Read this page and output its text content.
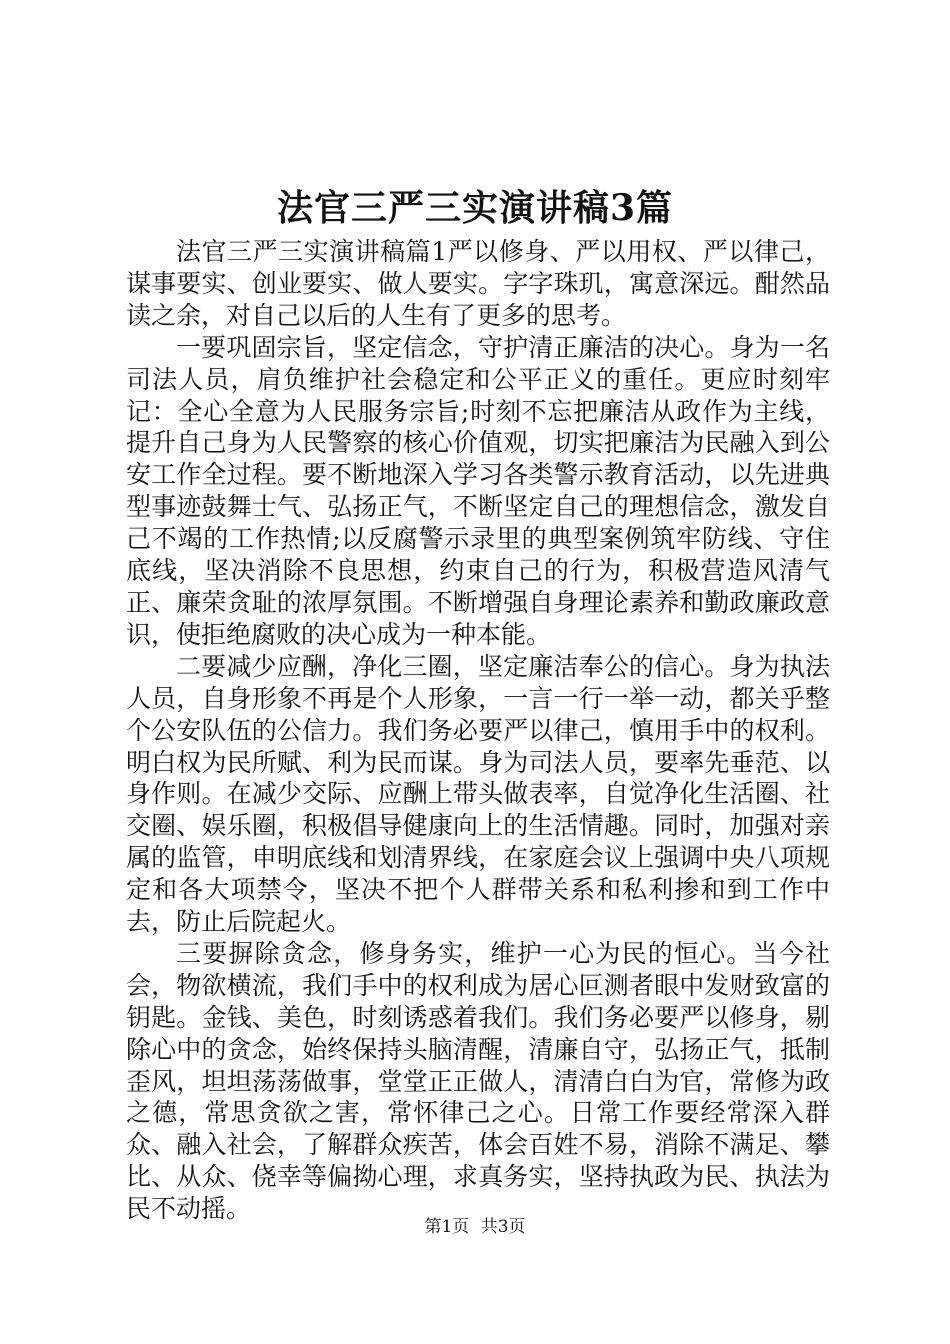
法官三严三实演讲稿3篇

法官三严三实演讲稿篇1严以修身、严以用权、严以律己，谋事要实、创业要实、做人要实。字字珠玑，寓意深远。酣然品读之余，对自己以后的人生有了更多的思考。

一要巩固宗旨，坚定信念，守护清正廉洁的决心。身为一名司法人员，肩负维护社会稳定和公平正义的重任。更应时刻牢记：全心全意为人民服务宗旨;时刻不忘把廉洁从政作为主线，提升自己身为人民警察的核心价值观，切实把廉洁为民融入到公安工作全过程。要不断地深入学习各类警示教育活动，以先进典型事迹鼓舞士气、弘扬正气，不断坚定自己的理想信念，激发自己不竭的工作热情;以反腐警示录里的典型案例筑牢防线、守住底线，坚决消除不良思想，约束自己的行为，积极营造风清气正、廉荣贪耻的浓厚氛围。不断增强自身理论素养和勤政廉政意识，使拒绝腐败的决心成为一种本能。

二要减少应酬，净化三圈，坚定廉洁奉公的信心。身为执法人员，自身形象不再是个人形象，一言一行一举一动，都关乎整个公安队伍的公信力。我们务必要严以律己，慎用手中的权利。明白权为民所赋、利为民而谋。身为司法人员，要率先垂范、以身作则。在减少交际、应酬上带头做表率，自觉净化生活圈、社交圈、娱乐圈，积极倡导健康向上的生活情趣。同时，加强对亲属的监管，申明底线和划清界线，在家庭会议上强调中央八项规定和各大项禁令，坚决不把个人群带关系和私利掺和到工作中去，防止后院起火。

三要摒除贪念，修身务实，维护一心为民的恒心。当今社会，物欲横流，我们手中的权利成为居心叵测者眼中发财致富的钥匙。金钱、美色，时刻诱惑着我们。我们务必要严以修身，剔除心中的贪念，始终保持头脑清醒，清廉自守，弘扬正气，抵制歪风，坦坦荡荡做事，堂堂正正做人，清清白白为官，常修为政之德，常思贪欲之害，常怀律己之心。日常工作要经常深入群众、融入社会，了解群众疾苦，体会百姓不易，消除不满足、攀比、从众、侥幸等偏拗心理，求真务实，坚持执政为民、执法为民不动摇。

第1页 共3页
